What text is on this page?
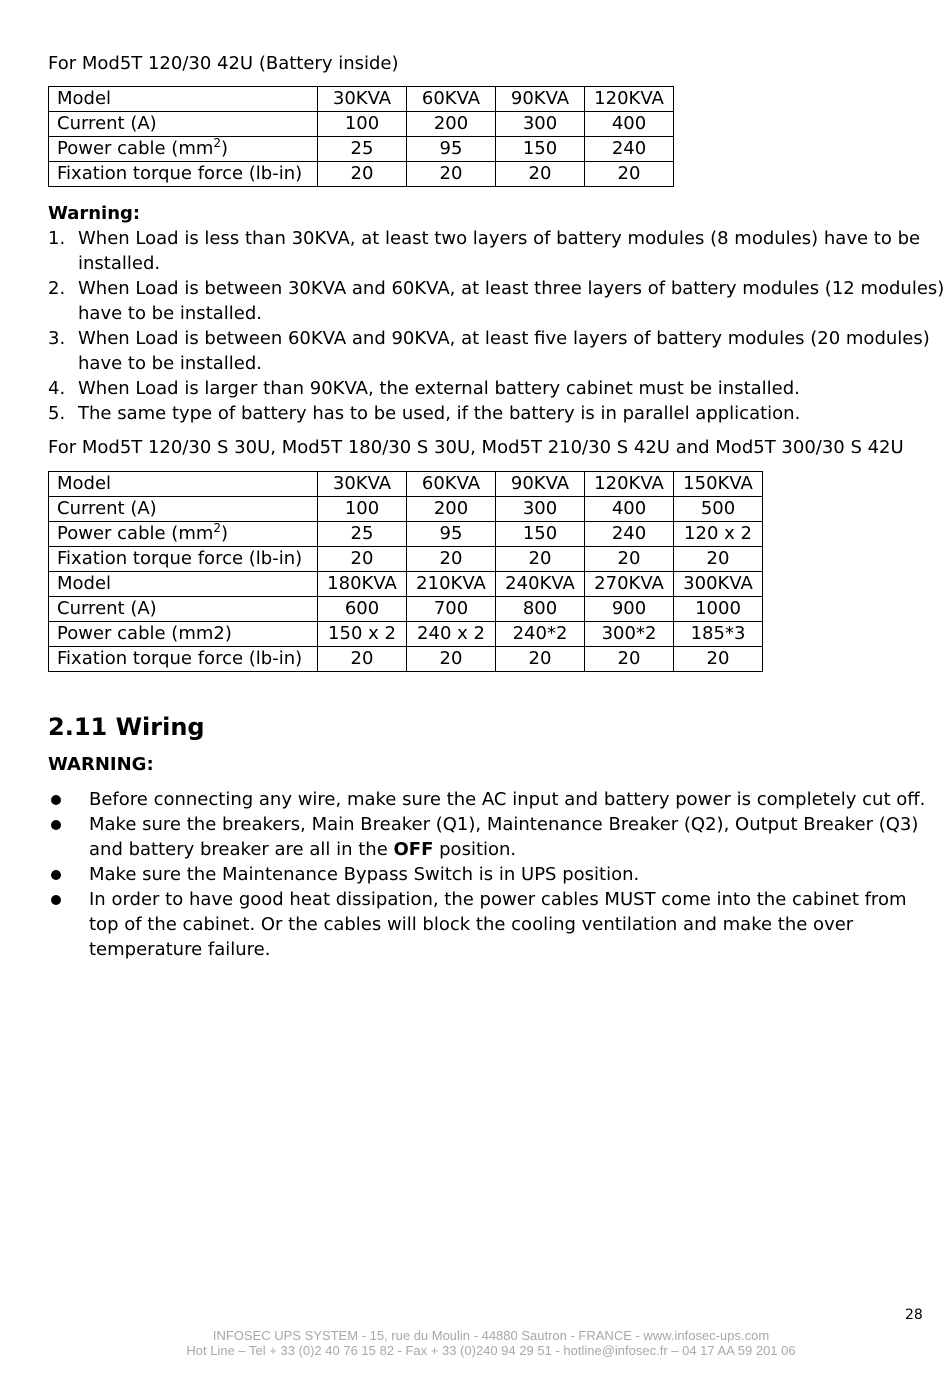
For Mod5T 120/30 42U (Battery inside)
Model	30KVA	60KVA	90KVA	120KVA
Current (A)	100	200	300	400
Power cable $(mm^2)$	25	95	150	240
Fixation torque force (lb-in)	20	20	20	20
Warning:
1. When Load is less than 30KVA, at least two layers of battery modules (8 modules) have to be installed.
2. When Load is between 30KVA and 60KVA, at least three layers of battery modules (12 modules) have to be installed.
3. When Load is between 60KVA and 90KVA, at least five layers of battery modules (20 modules) have to be installed.
4. When Load is larger than 90KVA, the external battery cabinet must be installed.
5. The same type of battery has to be used, if the battery is in parallel application.
For Mod5T 120/30 S 30U, Mod5T 180/30 S 30U, Mod5T 210/30 S 42U and Mod5T 300/30 S 42U
Model	30KVA	60KVA	90KVA	120KVA	150KVA
Current (A)	100	200	300	400	500
Power cable $(mm^2)$	25	95	150	240	120 x 2
Fixation torque force (lb-in)	20	20	20	20	20
Model	180KVA	210KVA	240KVA	270KVA	300KVA
Current (A)	600	700	800	900	1000
Power cable (mm2)	150 x 2	240 x 2	240*2	300*2	185*3
Fixation torque force (lb-in)	20	20	20	20	20
2.11 Wiring
WARNING:
Before connecting any wire, make sure the AC input and battery power is completely cut off.
Make sure the breakers, Main Breaker (Q1), Maintenance Breaker (Q2), Output Breaker (Q3) and battery breaker are all in the OFF position.
Make sure the Maintenance Bypass Switch is in UPS position.
In order to have good heat dissipation, the power cables MUST come into the cabinet from top of the cabinet. Or the cables will block the cooling ventilation and make the over temperature failure.
28
INFOSEC UPS SYSTEM - 15, rue du Moulin - 44880 Sautron - FRANCE - www.infosec-ups.com
Hot Line – Tel + 33 (0)2 40 76 15 82 - Fax + 33 (0)240 94 29 51 - hotline@infosec.fr – 04 17 AA 59 201 06
